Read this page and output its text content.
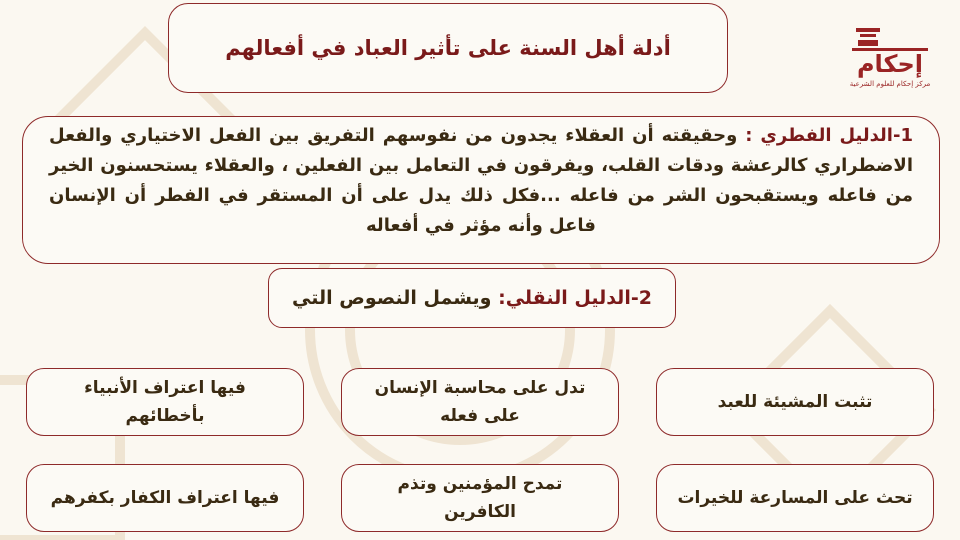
إحكام
مركز إحكام للعلوم الشرعية
أدلة أهل السنة على تأثير العباد في أفعالهم
1-الدليل الفطري : وحقيقته أن العقلاء يجدون من نفوسهم التفريق بين الفعل الاختياري والفعل الاضطراري كالرعشة ودقات القلب، ويفرقون في التعامل بين الفعلين ، والعقلاء يستحسنون الخير من فاعله ويستقبحون الشر من فاعله ...فكل ذلك يدل على أن المستقر في الفطر أن الإنسان فاعل وأنه مؤثر في أفعاله
2-الدليل النقلي: ويشمل النصوص التي
تثبت المشيئة للعبد
تدل على محاسبة الإنسان على فعله
فيها اعتراف الأنبياء بأخطائهم
تحث على المسارعة للخيرات
تمدح المؤمنين وتذم الكافرين
فيها اعتراف الكفار بكفرهم
